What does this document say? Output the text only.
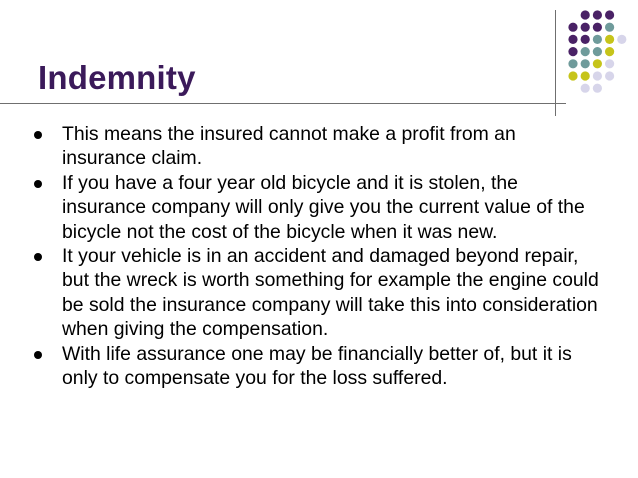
Indemnity
This means the insured cannot make a profit from an insurance claim.
If you have a four year old bicycle and it is stolen, the insurance company will only give you the current value of the bicycle not the cost of the bicycle when it was new.
It your vehicle is in an accident and damaged beyond repair, but the wreck is worth something for example the engine could be sold the insurance company will take this into consideration when giving the compensation.
With life assurance one may be financially better of, but it is only to compensate you for the loss suffered.
